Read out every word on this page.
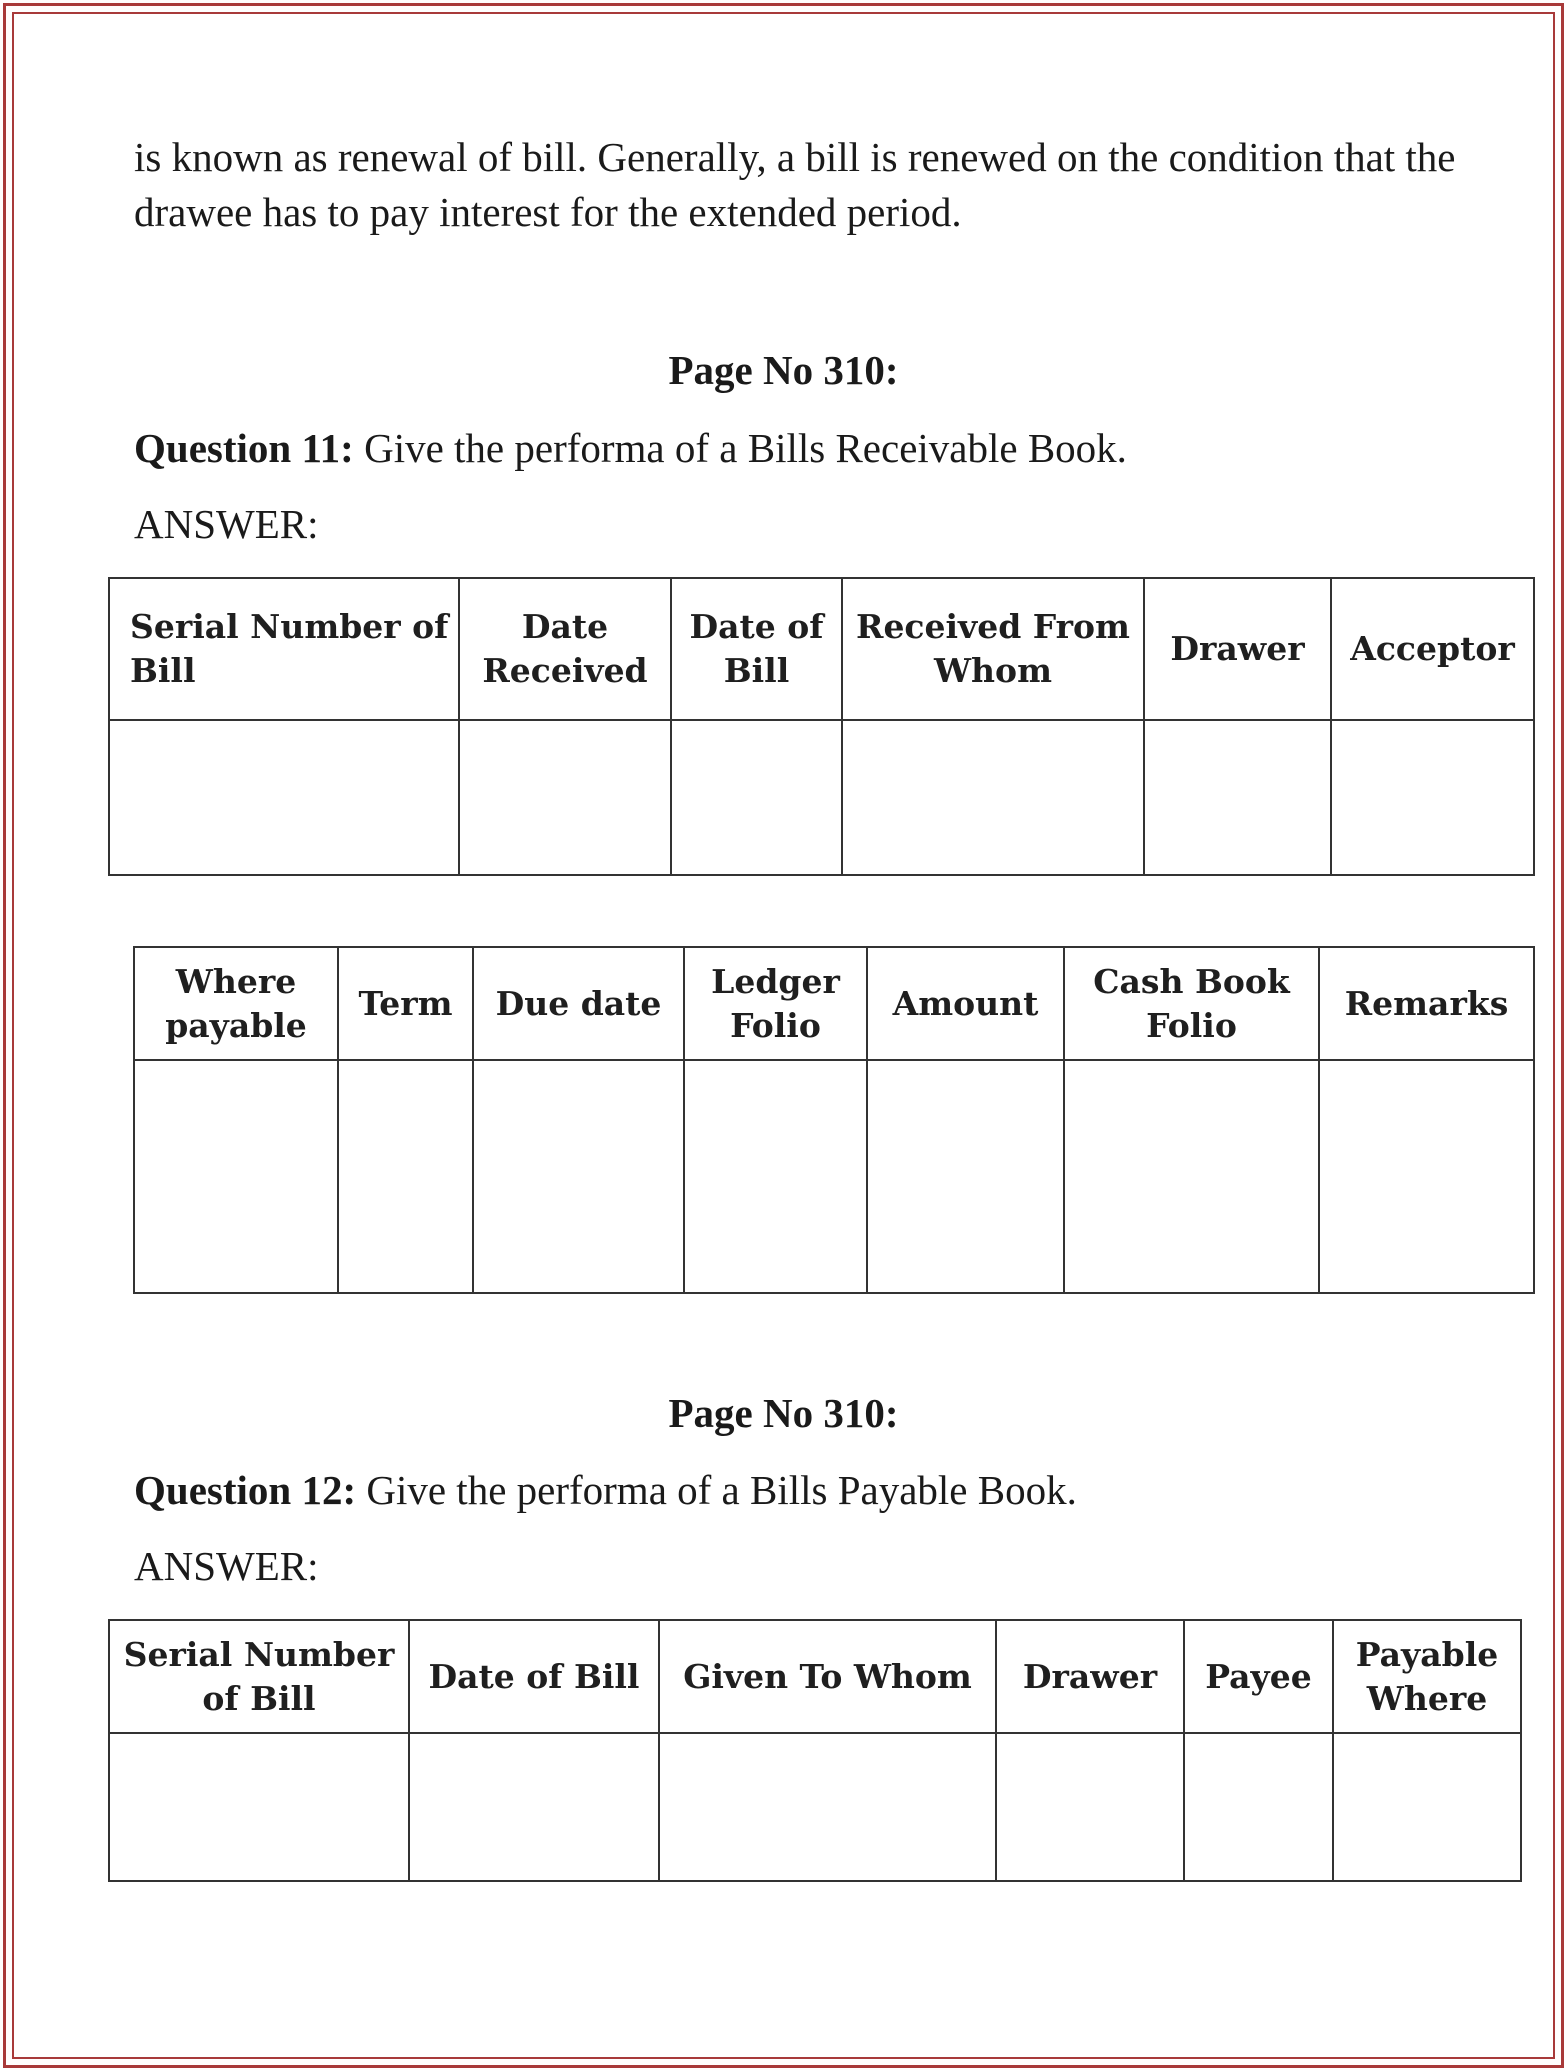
is known as renewal of bill. Generally, a bill is renewed on the condition that the drawee has to pay interest for the extended period.

Page No 310:

Question 11: Give the performa of a Bills Receivable Book.

ANSWER:

Serial Number of Bill	Date Received	Date of Bill	Received From Whom	Drawer	Acceptor

Where payable	Term	Due date	Ledger Folio	Amount	Cash Book Folio	Remarks

Page No 310:

Question 12: Give the performa of a Bills Payable Book.

ANSWER:

Serial Number of Bill	Date of Bill	Given To Whom	Drawer	Payee	Payable Where
